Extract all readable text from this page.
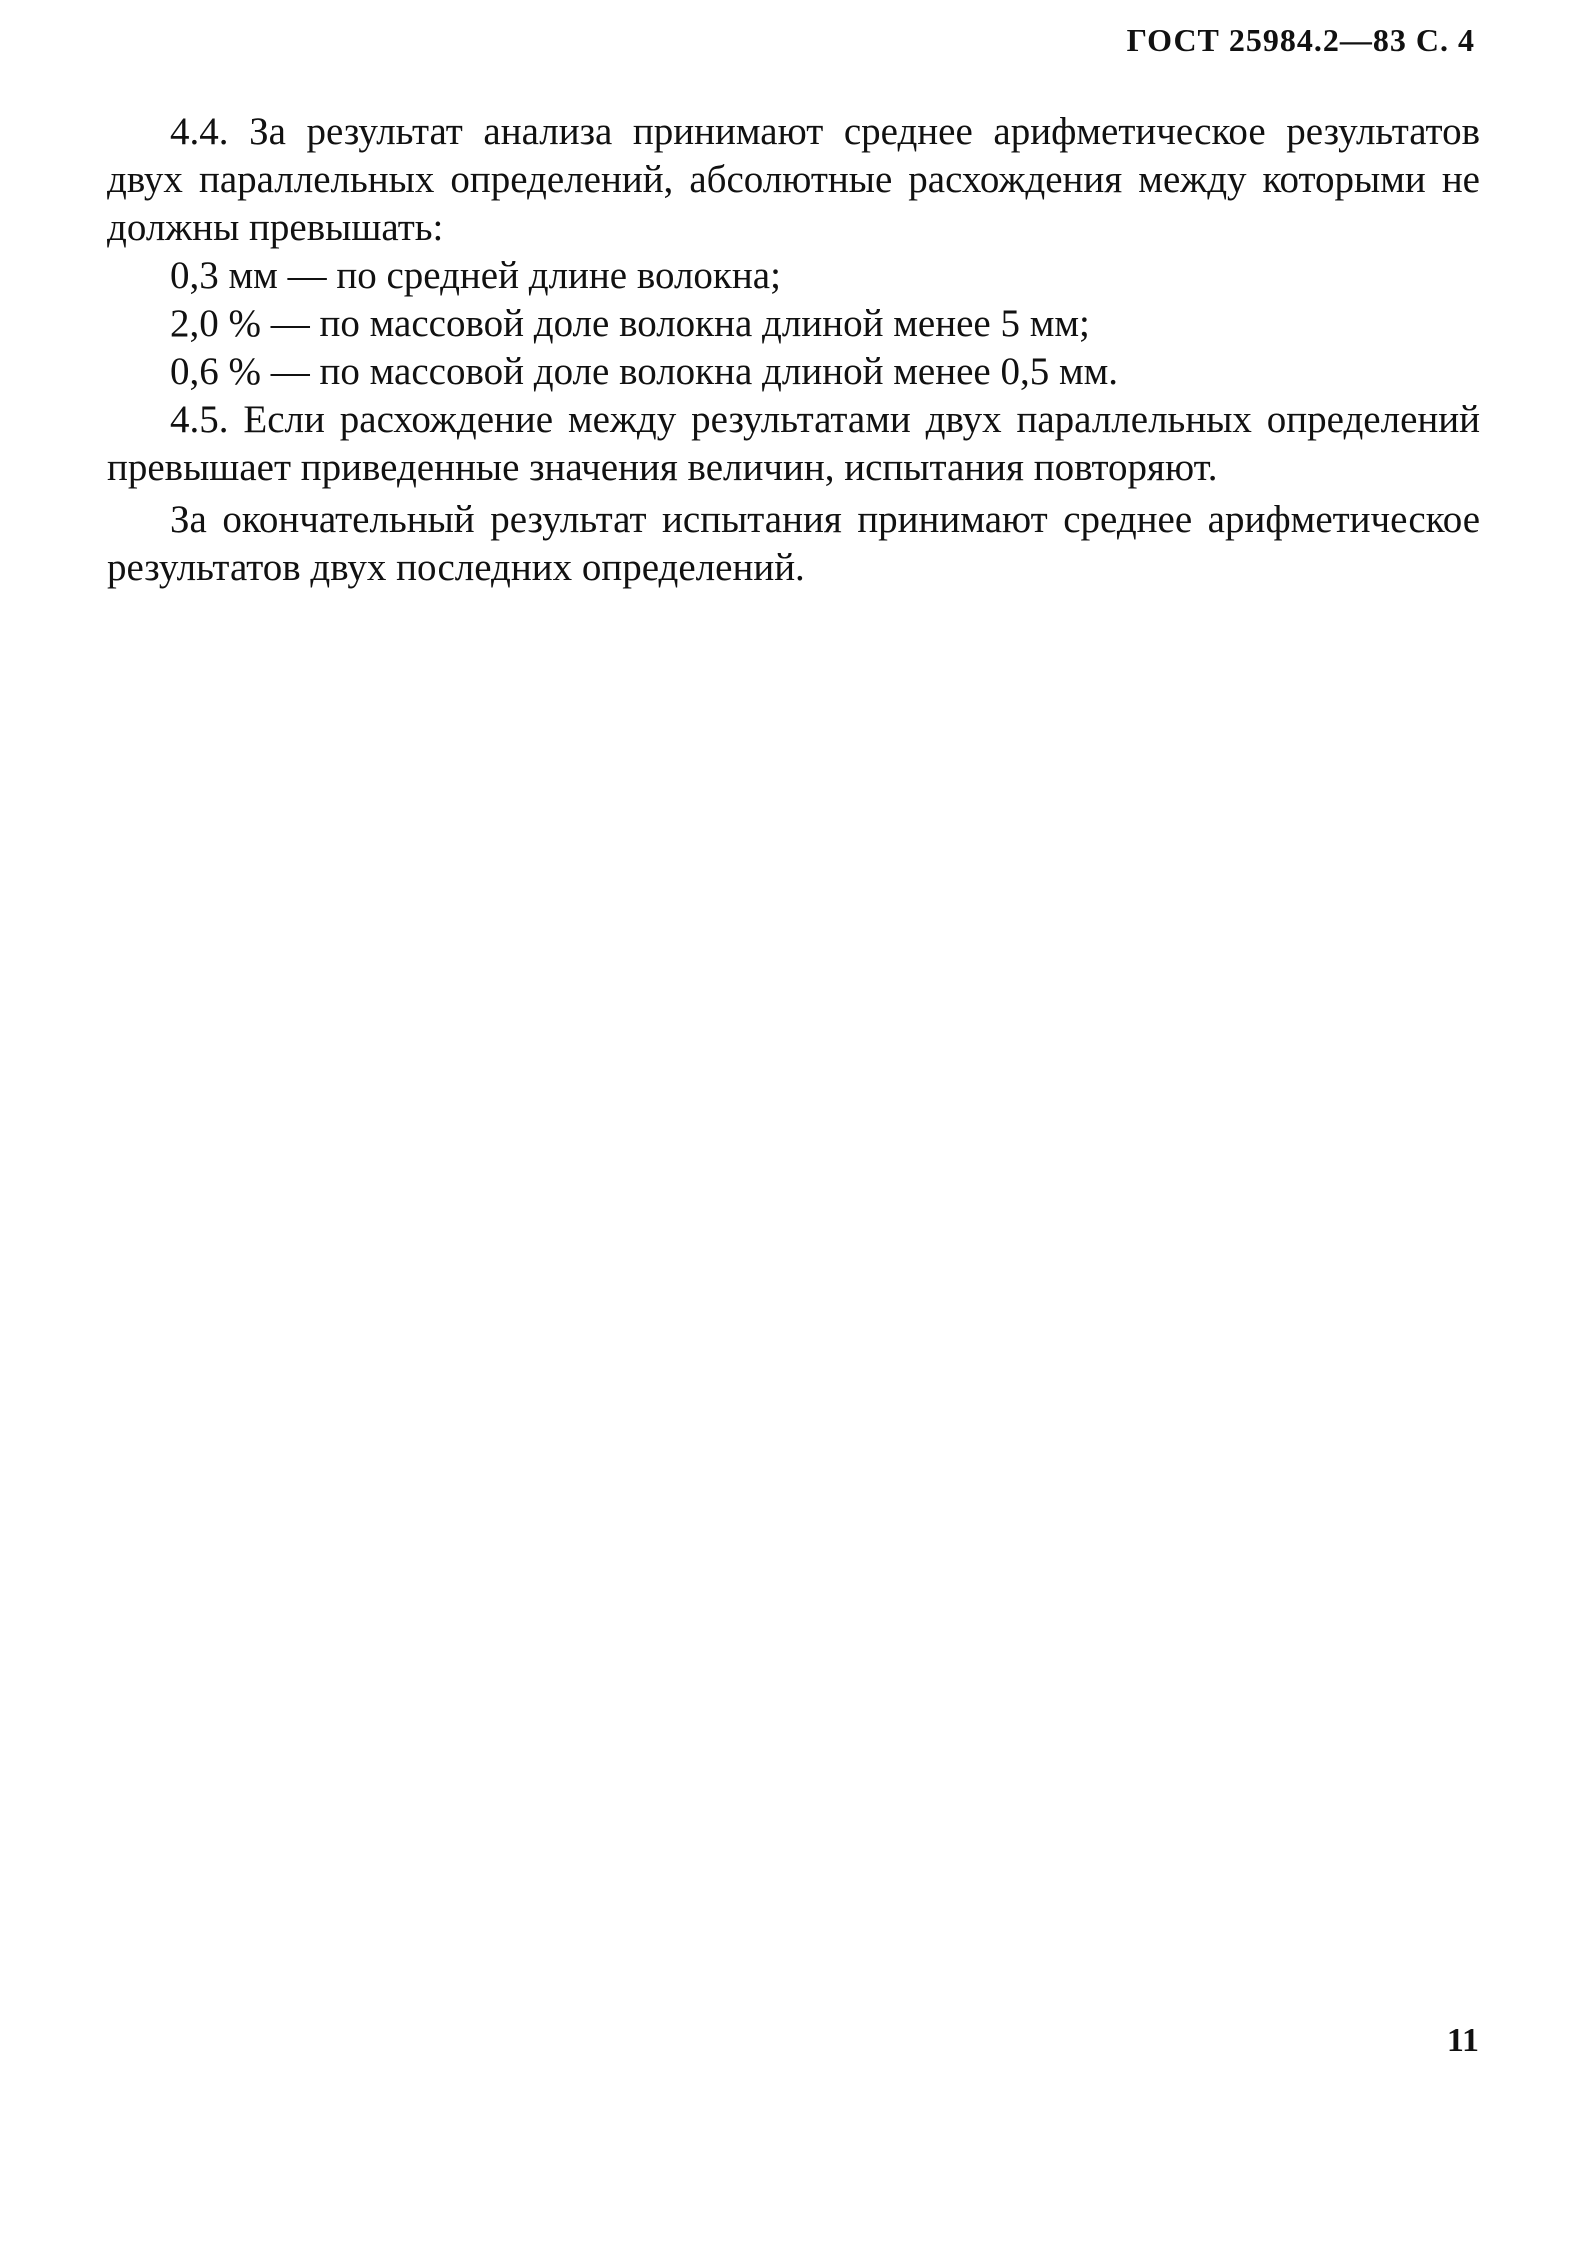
ГОСТ 25984.2—83 С. 4

4.4. За результат анализа принимают среднее арифметическое результатов двух параллельных определений, абсолютные расхождения между которыми не должны превышать:

0,3 мм — по средней длине волокна;

2,0 % — по массовой доле волокна длиной менее 5 мм;

0,6 % — по массовой доле волокна длиной менее 0,5 мм.

4.5. Если расхождение между результатами двух параллельных определений превышает приведенные значения величин, испытания повторяют.

За окончательный результат испытания принимают среднее арифметическое результатов двух последних определений.

11
